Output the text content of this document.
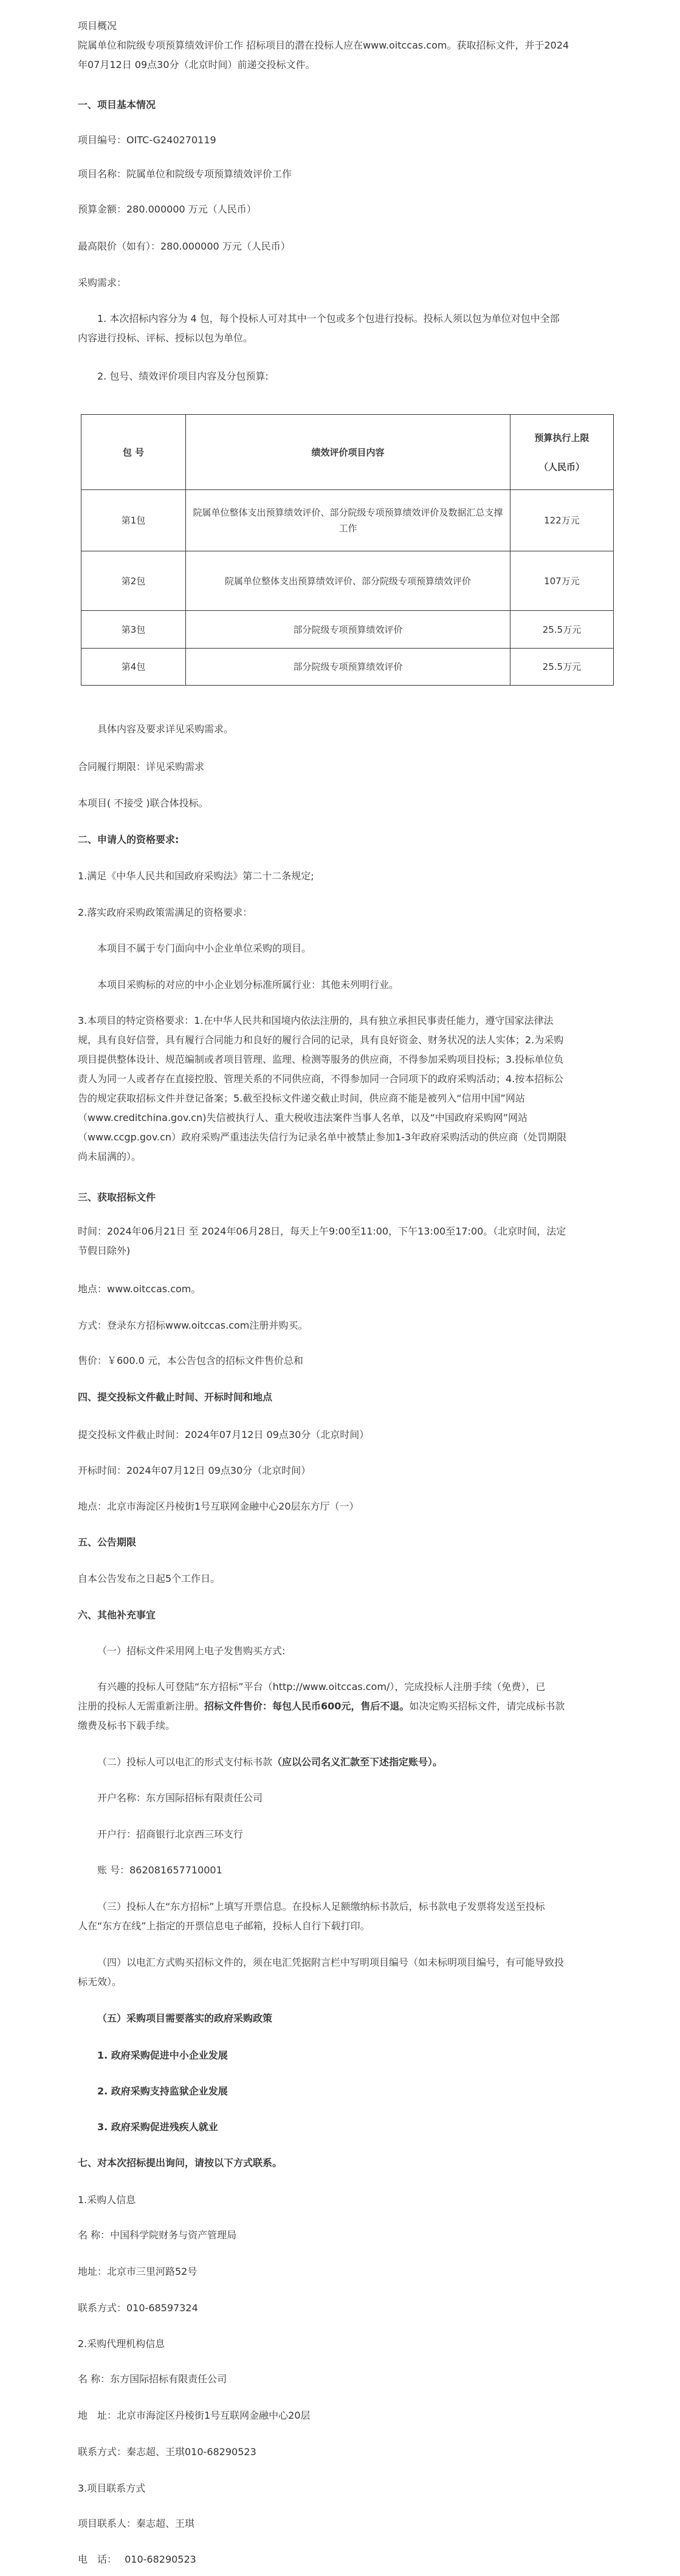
项目概况

院属单位和院级专项预算绩效评价工作 招标项目的潜在投标人应在www.oitccas.com。获取招标文件，并于2024

年07月12日 09点30分（北京时间）前递交投标文件。

一、项目基本情况

项目编号：OITC-G240270119

项目名称：院属单位和院级专项预算绩效评价工作

预算金额：280.000000 万元（人民币）

最高限价（如有）：280.000000 万元（人民币）

采购需求：

1. 本次招标内容分为 4 包，每个投标人可对其中一个包或多个包进行投标。投标人须以包为单位对包中全部

内容进行投标、评标、授标以包为单位。

2. 包号、绩效评价项目内容及分包预算:

包 号	绩效评价项目内容	预算执行上限
（人民币）

第1包	院属单位整体支出预算绩效评价、部分院级专项预算绩效评价及数据汇总支撑工作	122万元
第2包	院属单位整体支出预算绩效评价、部分院级专项预算绩效评价	107万元
第3包	部分院级专项预算绩效评价	25.5万元
第4包	部分院级专项预算绩效评价	25.5万元

具体内容及要求详见采购需求。

合同履行期限：详见采购需求

本项目( 不接受 )联合体投标。

二、申请人的资格要求:

1.满足《中华人民共和国政府采购法》第二十二条规定;

2.落实政府采购政策需满足的资格要求：

本项目不属于专门面向中小企业单位采购的项目。

本项目采购标的对应的中小企业划分标准所属行业：其他未列明行业。

3.本项目的特定资格要求：1.在中华人民共和国境内依法注册的，具有独立承担民事责任能力，遵守国家法律法

规，具有良好信誉，具有履行合同能力和良好的履行合同的记录，具有良好资金、财务状况的法人实体；2.为采购

项目提供整体设计、规范编制或者项目管理、监理、检测等服务的供应商，不得参加采购项目投标；3.投标单位负

责人为同一人或者存在直接控股、管理关系的不同供应商，不得参加同一合同项下的政府采购活动；4.按本招标公

告的规定获取招标文件并登记备案；5.截至投标文件递交截止时间，供应商不能是被列入“信用中国”网站

（www.creditchina.gov.cn)失信被执行人、重大税收违法案件当事人名单，以及“中国政府采购网”网站

（www.ccgp.gov.cn）政府采购严重违法失信行为记录名单中被禁止参加1-3年政府采购活动的供应商（处罚期限

尚未届满的）。

三、获取招标文件

时间：2024年06月21日 至 2024年06月28日，每天上午9:00至11:00，下午13:00至17:00。（北京时间，法定

节假日除外)

地点：www.oitccas.com。

方式：登录东方招标www.oitccas.com注册并购买。

售价：￥600.0 元，本公告包含的招标文件售价总和

四、提交投标文件截止时间、开标时间和地点

提交投标文件截止时间：2024年07月12日 09点30分（北京时间）

开标时间：2024年07月12日 09点30分（北京时间）

地点：北京市海淀区丹棱街1号互联网金融中心20层东方厅（一）

五、公告期限

自本公告发布之日起5个工作日。

六、其他补充事宜

（一）招标文件采用网上电子发售购买方式:

有兴趣的投标人可登陆“东方招标”平台（http://www.oitccas.com/），完成投标人注册手续（免费），已

注册的投标人无需重新注册。招标文件售价：每包人民币600元，售后不退。如决定购买招标文件，请完成标书款

缴费及标书下载手续。

（二）投标人可以电汇的形式支付标书款（应以公司名义汇款至下述指定账号）。

开户名称：东方国际招标有限责任公司

开户行：招商银行北京西三环支行

账 号：862081657710001

（三）投标人在“东方招标”上填写开票信息。在投标人足额缴纳标书款后，标书款电子发票将发送至投标

人在“东方在线”上指定的开票信息电子邮箱，投标人自行下载打印。

（四）以电汇方式购买招标文件的，须在电汇凭据附言栏中写明项目编号（如未标明项目编号，有可能导致投

标无效）。

（五）采购项目需要落实的政府采购政策

1. 政府采购促进中小企业发展

2. 政府采购支持监狱企业发展

3. 政府采购促进残疾人就业

七、对本次招标提出询问，请按以下方式联系。

1.采购人信息

名 称：中国科学院财务与资产管理局

地址：北京市三里河路52号

联系方式：010-68597324

2.采购代理机构信息

名 称：东方国际招标有限责任公司

地　址：北京市海淀区丹棱街1号互联网金融中心20层

联系方式：秦志超、王琪010-68290523

3.项目联系方式

项目联系人：秦志超、王琪

电　话：　 010-68290523
